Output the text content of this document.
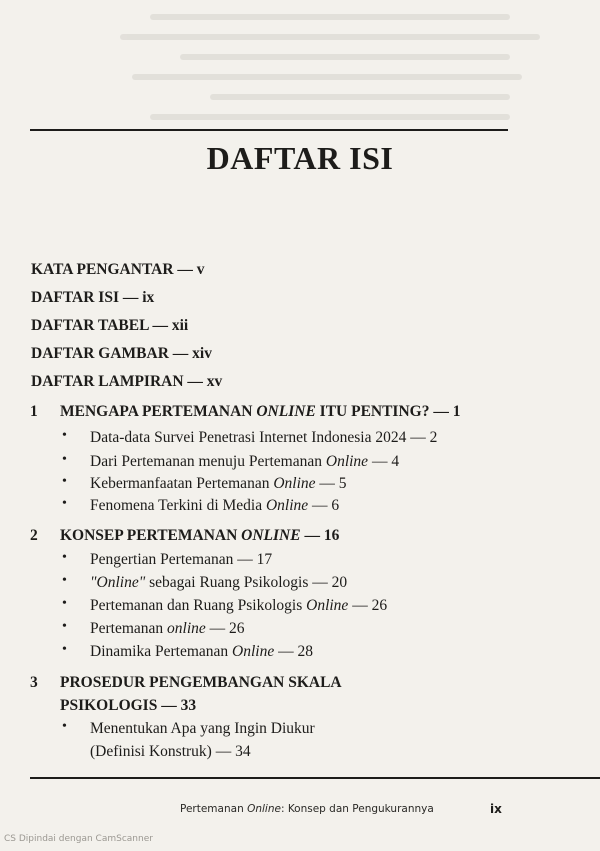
DAFTAR ISI
KATA PENGANTAR — v
DAFTAR ISI — ix
DAFTAR TABEL — xii
DAFTAR GAMBAR — xiv
DAFTAR LAMPIRAN — xv
1 MENGAPA PERTEMANAN ONLINE ITU PENTING? — 1
• Data-data Survei Penetrasi Internet Indonesia 2024 — 2
• Dari Pertemanan menuju Pertemanan Online — 4
• Kebermanfaatan Pertemanan Online — 5
• Fenomena Terkini di Media Online — 6
2 KONSEP PERTEMANAN ONLINE — 16
• Pengertian Pertemanan — 17
• "Online" sebagai Ruang Psikologis — 20
• Pertemanan dan Ruang Psikologis Online — 26
• Pertemanan online — 26
• Dinamika Pertemanan Online — 28
3 PROSEDUR PENGEMBANGAN SKALA
PSIKOLOGIS — 33
• Menentukan Apa yang Ingin Diukur
(Definisi Konstruk) — 34
Pertemanan Online: Konsep dan Pengukurannya	ix
CS Dipindai dengan CamScanner
